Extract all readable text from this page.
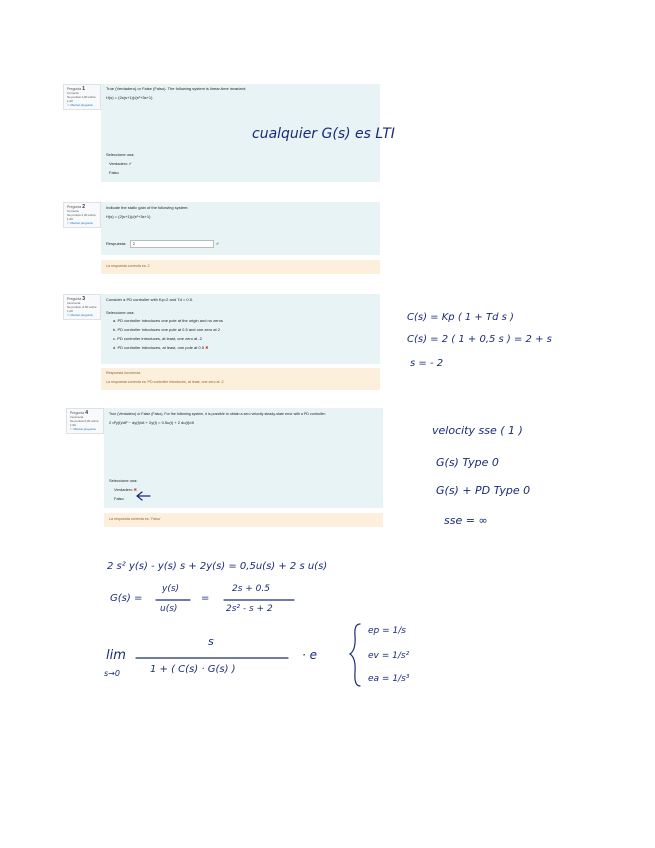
Pregunta 1
Correcta
Se puntúa 1,00 sobre 1,00
⚐ Marcar pregunta
True (Verdadero) or False (Falso). The following system is linear-time invariant:
H(s) = (2s(s+1))/(s²+3s+1)
Seleccione una:
Verdadero ✔
Falso
Pregunta 2
Correcta
Se puntúa 1,00 sobre 1,00
⚐ Marcar pregunta
Indicate the static gain of the following system:
H(s) = (2(s+1))/(s²+3s+1)
Respuesta:	2	✔
La respuesta correcta es: 2
Pregunta 3
Incorrecta
Se puntúa -0,50 sobre 1,00
⚐ Marcar pregunta
Consider a PD controller with Kp=2 and Td = 0.5.
Seleccione una:
a. PD controller introduces one pole at the origin and no zeros
b. PD controller introduces one pole at 0.5 and one zero at 2
c. PD controller introduces, at least, one zero at -2
d. PD controller introduces, at least, one pole at 0.5 ✖
Respuesta incorrecta.
La respuesta correcta es: PD controller introduces, at least, one zero at -2
Pregunta 4
Incorrecta
Se puntúa 0,00 sobre 1,00
⚐ Marcar pregunta
True (Verdadero) or False (Falso). For the following system, it is possible to obtain a zero velocity steady-state error with a PD controller:
2 d²y(t)/dt² − dy(t)/dt + 2y(t) = 0.5u(t) + 2 du(t)/dt
Seleccione una:
Verdadero ✖
Falso
La respuesta correcta es: 'Falso'
cualquier G(s) es LTI
C(s) = Kp ( 1 + Td s )
C(s) = 2 ( 1 + 0,5 s ) = 2 + s
s = - 2
velocity sse ( 1 )
G(s) Type 0
G(s) + PD Type 0
sse = ∞
2 s² y(s) - y(s) s + 2y(s) = 0,5u(s) + 2 s u(s)
G(s) =
y(s)
u(s)
=
2s + 0.5
2s² - s + 2
lim
s→0
s
1 + ( C(s) · G(s) )
· e
ep = 1/s
ev = 1/s²
ea = 1/s³
